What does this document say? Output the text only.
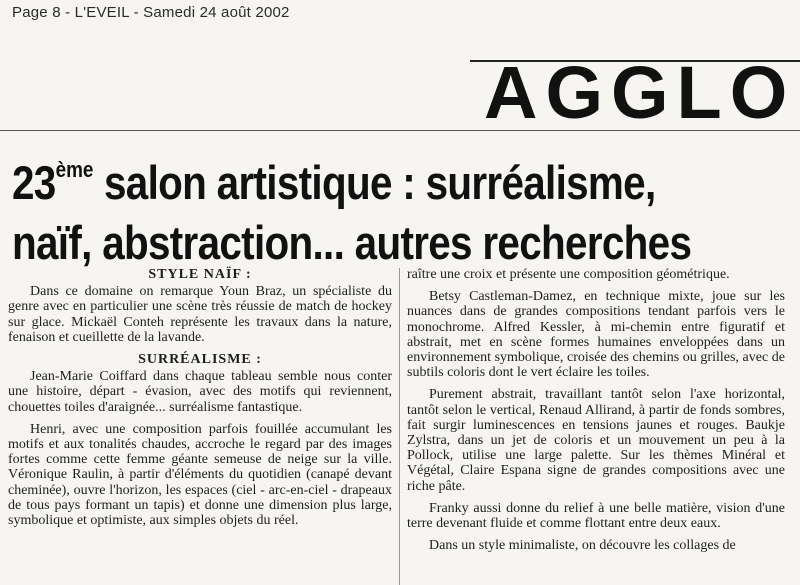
Page 8 - L'EVEIL - Samedi 24 août 2002
AGGLO
23ème salon artistique : surréalisme,
naïf, abstraction... autres recherches

STYLE NAÏF :

Dans ce domaine on remarque Youn Braz, un spécialiste du genre avec en particulier une scène très réussie de match de hockey sur glace. Mickaël Conteh représente les travaux dans la nature, fenaison et cueillette de la lavande.

SURRÉALISME :

Jean-Marie Coiffard dans chaque tableau semble nous conter une histoire, départ - évasion, avec des motifs qui reviennent, chouettes toiles d'araignée... surréalisme fantastique.

Henri, avec une composition parfois fouillée accumulant les motifs et aux tonalités chaudes, accroche le regard par des images fortes comme cette femme géante semeuse de neige sur la ville. Véronique Raulin, à partir d'éléments du quotidien (canapé devant cheminée), ouvre l'horizon, les espaces (ciel - arc-en-ciel - drapeaux de tous pays formant un tapis) et donne une dimension plus large, symbolique et optimiste, aux simples objets du réel.

raître une croix et présente une composition géométrique.

Betsy Castleman-Damez, en technique mixte, joue sur les nuances dans de grandes compositions tendant parfois vers le monochrome. Alfred Kessler, à mi-chemin entre figuratif et abstrait, met en scène formes humaines enveloppées dans un environnement symbolique, croisée des chemins ou grilles, avec de subtils coloris dont le vert éclaire les toiles.

Purement abstrait, travaillant tantôt selon l'axe horizontal, tantôt selon le vertical, Renaud Allirand, à partir de fonds sombres, fait surgir luminescences en tensions jaunes et rouges. Baukje Zylstra, dans un jet de coloris et un mouvement un peu à la Pollock, utilise une large palette. Sur les thèmes Minéral et Végétal, Claire Espana signe de grandes compositions avec une riche pâte.

Franky aussi donne du relief à une belle matière, vision d'une terre devenant fluide et comme flottant entre deux eaux.

Dans un style minimaliste, on découvre les collages de
